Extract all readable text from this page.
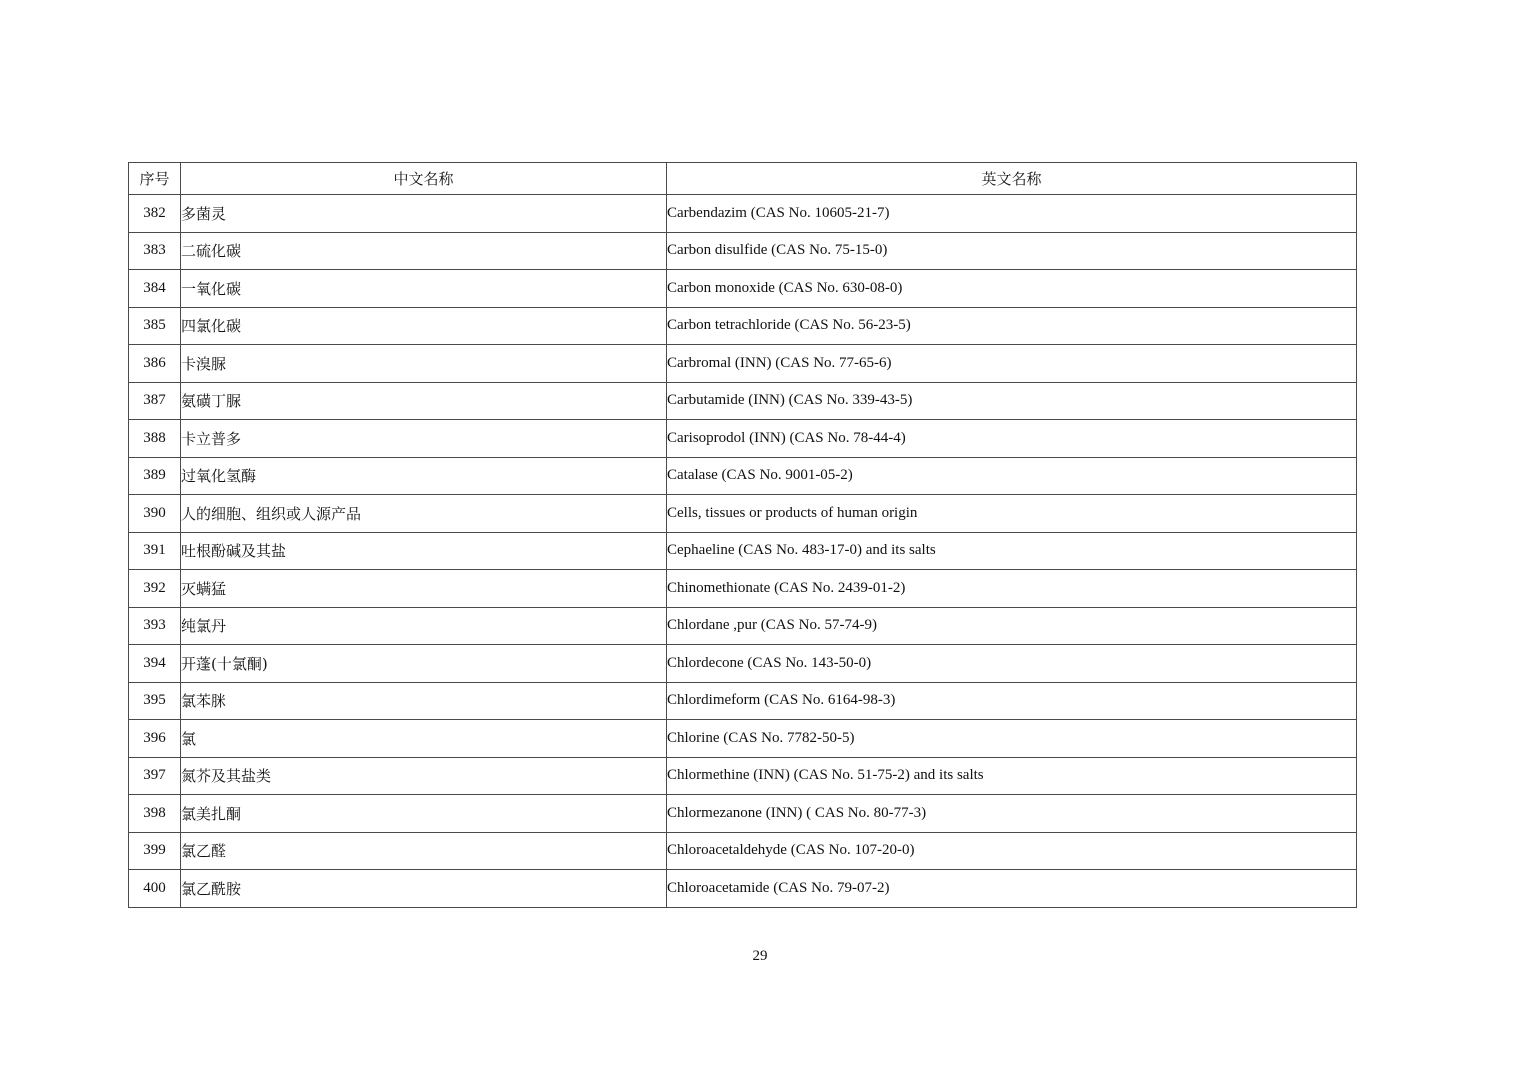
序号	中文名称	英文名称
382	多菌灵	Carbendazim (CAS No. 10605-21-7)
383	二硫化碳	Carbon disulfide (CAS No. 75-15-0)
384	一氧化碳	Carbon monoxide (CAS No. 630-08-0)
385	四氯化碳	Carbon tetrachloride (CAS No. 56-23-5)
386	卡溴脲	Carbromal (INN) (CAS No. 77-65-6)
387	氨磺丁脲	Carbutamide (INN) (CAS No. 339-43-5)
388	卡立普多	Carisoprodol (INN) (CAS No. 78-44-4)
389	过氧化氢酶	Catalase (CAS No. 9001-05-2)
390	人的细胞、组织或人源产品	Cells, tissues or products of human origin
391	吐根酚碱及其盐	Cephaeline (CAS No. 483-17-0) and its salts
392	灭螨猛	Chinomethionate (CAS No. 2439-01-2)
393	纯氯丹	Chlordane ,pur (CAS No. 57-74-9)
394	开蓬(十氯酮)	Chlordecone (CAS No. 143-50-0)
395	氯苯脒	Chlordimeform (CAS No. 6164-98-3)
396	氯	Chlorine (CAS No. 7782-50-5)
397	氮芥及其盐类	Chlormethine (INN) (CAS No. 51-75-2) and its salts
398	氯美扎酮	Chlormezanone (INN) ( CAS No. 80-77-3)
399	氯乙醛	Chloroacetaldehyde (CAS No. 107-20-0)
400	氯乙酰胺	Chloroacetamide (CAS No. 79-07-2)
29
